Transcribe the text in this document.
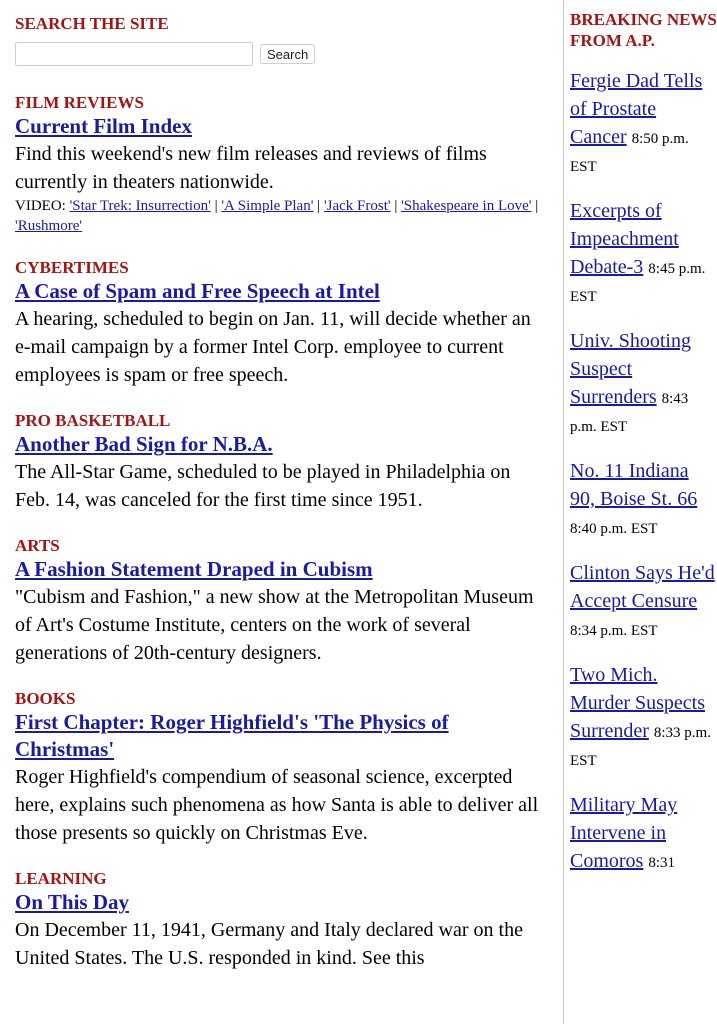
SEARCH THE SITE
Search
FILM REVIEWS
Current Film Index

Find this weekend's new film releases and reviews of films currently in theaters nationwide.

VIDEO: 'Star Trek: Insurrection' | 'A Simple Plan' | 'Jack Frost' | 'Shakespeare in Love' | 'Rushmore'
CYBERTIMES
A Case of Spam and Free Speech at Intel

A hearing, scheduled to begin on Jan. 11, will decide whether an e-mail campaign by a former Intel Corp. employee to current employees is spam or free speech.

PRO BASKETBALL
Another Bad Sign for N.B.A.

The All-Star Game, scheduled to be played in Philadelphia on Feb. 14, was canceled for the first time since 1951.

ARTS
A Fashion Statement Draped in Cubism

"Cubism and Fashion," a new show at the Metropolitan Museum of Art's Costume Institute, centers on the work of several generations of 20th-century designers.

BOOKS
First Chapter: Roger Highfield's 'The Physics of Christmas'

Roger Highfield's compendium of seasonal science, excerpted here, explains such phenomena as how Santa is able to deliver all those presents so quickly on Christmas Eve.

LEARNING
On This Day

On December 11, 1941, Germany and Italy declared war on the United States. The U.S. responded in kind. See this

BREAKING NEWS FROM A.P.
Fergie Dad Tells of Prostate Cancer 8:50 p.m. EST
Excerpts of Impeachment Debate-3 8:45 p.m. EST
Univ. Shooting Suspect Surrenders 8:43 p.m. EST
No. 11 Indiana 90, Boise St. 66 8:40 p.m. EST
Clinton Says He'd Accept Censure 8:34 p.m. EST
Two Mich. Murder Suspects Surrender 8:33 p.m. EST
Military May Intervene in Comoros 8:31
